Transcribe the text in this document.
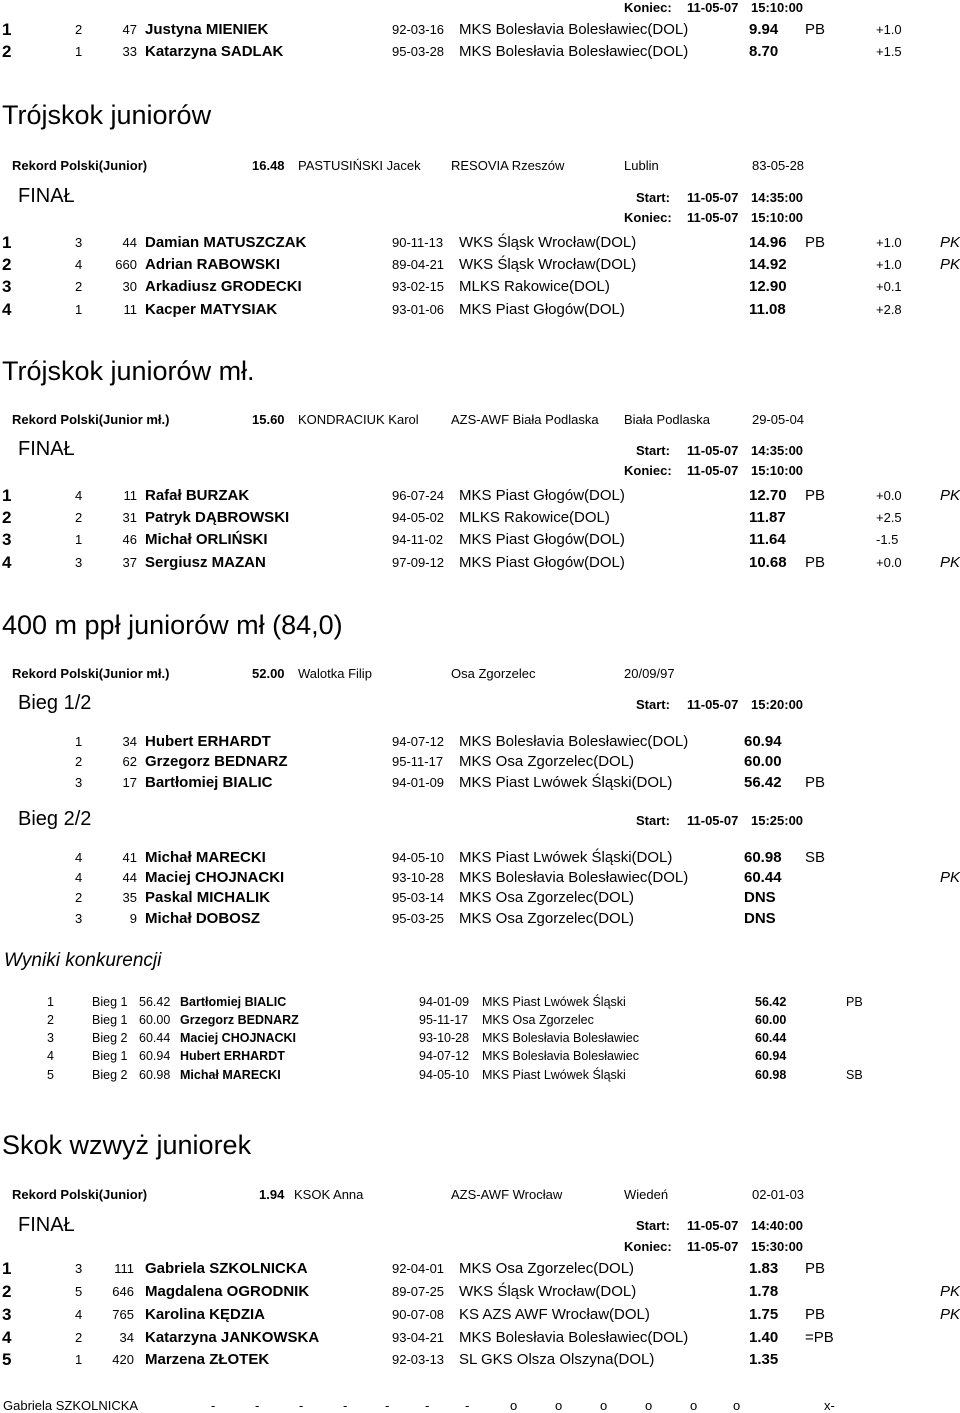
Koniec: 11-05-07 15:10:00
1	2	47 Justyna MIENIEK	92-03-16 MKS Bolesłavia Bolesławiec(DOL)	9.94 PB	+1.0
2	1	33 Katarzyna SADLAK	95-03-28 MKS Bolesłavia Bolesławiec(DOL)	8.70	+1.5
Trójskok juniorów
Rekord Polski(Junior)	16.48 PASTUSIŃSKI Jacek RESOVIA Rzeszów	Lublin	83-05-28
FINAŁ	Start: 11-05-07 14:35:00
Koniec: 11-05-07 15:10:00
1	3	44 Damian MATUSZCZAK	90-11-13 WKS Śląsk Wrocław(DOL)	14.96 PB	+1.0	PK
2	4	660 Adrian RABOWSKI	89-04-21 WKS Śląsk Wrocław(DOL)	14.92	+1.0	PK
3	2	30 Arkadiusz GRODECKI	93-02-15 MLKS Rakowice(DOL)	12.90	+0.1
4	1	11 Kacper MATYSIAK	93-01-06 MKS Piast Głogów(DOL)	11.08	+2.8
Trójskok juniorów mł.
Rekord Polski(Junior mł.)	15.60 KONDRACIUK Karol AZS-AWF Biała Podlaska Biała Podlaska	29-05-04
FINAŁ	Start: 11-05-07 14:35:00
Koniec: 11-05-07 15:10:00
1	4	11 Rafał BURZAK	96-07-24 MKS Piast Głogów(DOL)	12.70 PB	+0.0	PK
2	2	31 Patryk DĄBROWSKI	94-05-02 MLKS Rakowice(DOL)	11.87	+2.5
3	1	46 Michał ORLIŃSKI	94-11-02 MKS Piast Głogów(DOL)	11.64	-1.5
4	3	37 Sergiusz MAZAN	97-09-12 MKS Piast Głogów(DOL)	10.68 PB	+0.0	PK
400 m ppł juniorów mł (84,0)
Rekord Polski(Junior mł.)	52.00 Walotka Filip	Osa Zgorzelec	20/09/97
Bieg 1/2	Start: 11-05-07 15:20:00
1	34 Hubert ERHARDT	94-07-12 MKS Bolesłavia Bolesławiec(DOL)	60.94
2	62 Grzegorz BEDNARZ	95-11-17 MKS Osa Zgorzelec(DOL)	60.00
3	17 Bartłomiej BIALIC	94-01-09 MKS Piast Lwówek Śląski(DOL)	56.42 PB
Bieg 2/2	Start: 11-05-07 15:25:00
4	41 Michał MARECKI	94-05-10 MKS Piast Lwówek Śląski(DOL)	60.98 SB
4	44 Maciej CHOJNACKI	93-10-28 MKS Bolesłavia Bolesławiec(DOL)	60.44	PK
2	35 Paskal MICHALIK	95-03-14 MKS Osa Zgorzelec(DOL)	DNS
3	9 Michał DOBOSZ	95-03-25 MKS Osa Zgorzelec(DOL)	DNS
Wyniki konkurencji
1	Bieg 1 56.42 Bartłomiej BIALIC	94-01-09 MKS Piast Lwówek Śląski	56.42	PB
2	Bieg 1 60.00 Grzegorz BEDNARZ	95-11-17 MKS Osa Zgorzelec	60.00
3	Bieg 2 60.44 Maciej CHOJNACKI	93-10-28 MKS Bolesłavia Bolesławiec	60.44
4	Bieg 1 60.94 Hubert ERHARDT	94-07-12 MKS Bolesłavia Bolesławiec	60.94
5	Bieg 2 60.98 Michał MARECKI	94-05-10 MKS Piast Lwówek Śląski	60.98	SB
Skok wzwyż juniorek
Rekord Polski(Junior)	1.94 KSOK Anna	AZS-AWF Wrocław	Wiedeń	02-01-03
FINAŁ	Start: 11-05-07 14:40:00
Koniec: 11-05-07 15:30:00
1	3	111 Gabriela SZKOLNICKA	92-04-01 MKS Osa Zgorzelec(DOL)	1.83 PB
2	5	646 Magdalena OGRODNIK	89-07-25 WKS Śląsk Wrocław(DOL)	1.78	PK
3	4	765 Karolina KĘDZIA	90-07-08 KS AZS AWF Wrocław(DOL)	1.75 PB	PK
4	2	34 Katarzyna JANKOWSKA	93-04-21 MKS Bolesłavia Bolesławiec(DOL)	1.40 =PB
5	1	420 Marzena ZŁOTEK	92-03-13 SL GKS Olsza Olszyna(DOL)	1.35
Gabriela SZKOLNICKA	-	-	-	-	-	-	-	o	o	o	o	o	o	x-
